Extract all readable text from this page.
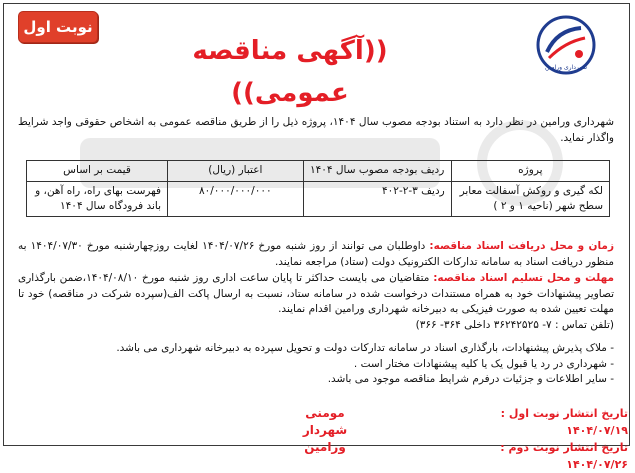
شهرداری ورامین
نوبت اول
((آگهی مناقصه عمومی))
شهرداری ورامین در نظر دارد به استناد بودجه مصوب سال ۱۴۰۴، پروژه ذیل را از طریق مناقصه عمومی به اشخاص حقوقی واجد شرایط واگذار نماید.
پروژه	ردیف بودجه مصوب سال ۱۴۰۴	اعتبار (ریال)	قیمت بر اساس
لکه گیری و روکش آسفالت معابر سطح شهر (ناحیه ۱ و ۲ )	ردیف ۳-۲-۴۰۲	۸۰/۰۰۰/۰۰۰/۰۰۰	فهرست بهای راه، راه آهن، و باند فرودگاه سال ۱۴۰۴
زمان و محل دریافت اسناد مناقصه: داوطلبان می توانند از روز شنبه مورخ ۱۴۰۴/۰۷/۲۶ لغایت روزچهارشنبه مورخ ۱۴۰۴/۰۷/۳۰ به منظور دریافت اسناد به سامانه تدارکات الکترونیک دولت (ستاد) مراجعه نمایند.
مهلت و محل تسلیم اسناد مناقصه: متقاضیان می بایست حداکثر تا پایان ساعت اداری روز شنبه مورخ ۱۴۰۴/۰۸/۱۰،ضمن بارگذاری تصاویر پیشنهادات خود به همراه مستندات درخواست شده در سامانه ستاد، نسبت به ارسال پاکت الف(سپرده شرکت در مناقصه) خود تا مهلت تعیین شده به صورت فیزیکی به دبیرخانه شهرداری ورامین اقدام نمایند.
(تلفن تماس : ۷- ۳۶۲۴۲۵۲۵ داخلی ۳۶۴- ۳۶۶)
- ملاک پذیرش پیشنهادات، بارگذاری اسناد در سامانه تدارکات دولت و تحویل سپرده به دبیرخانه شهرداری می باشد.
- شهرداری در رد یا قبول یک یا کلیه پیشنهادات مختار است .
- سایر اطلاعات و جزئیات درفرم شرایط مناقصه موجود می باشد.
مومنی
شهردار ورامین
تاریخ انتشار نوبت اول : ۱۴۰۴/۰۷/۱۹
تاریخ انتشار نوبت دوم : ۱۴۰۴/۰۷/۲۶
